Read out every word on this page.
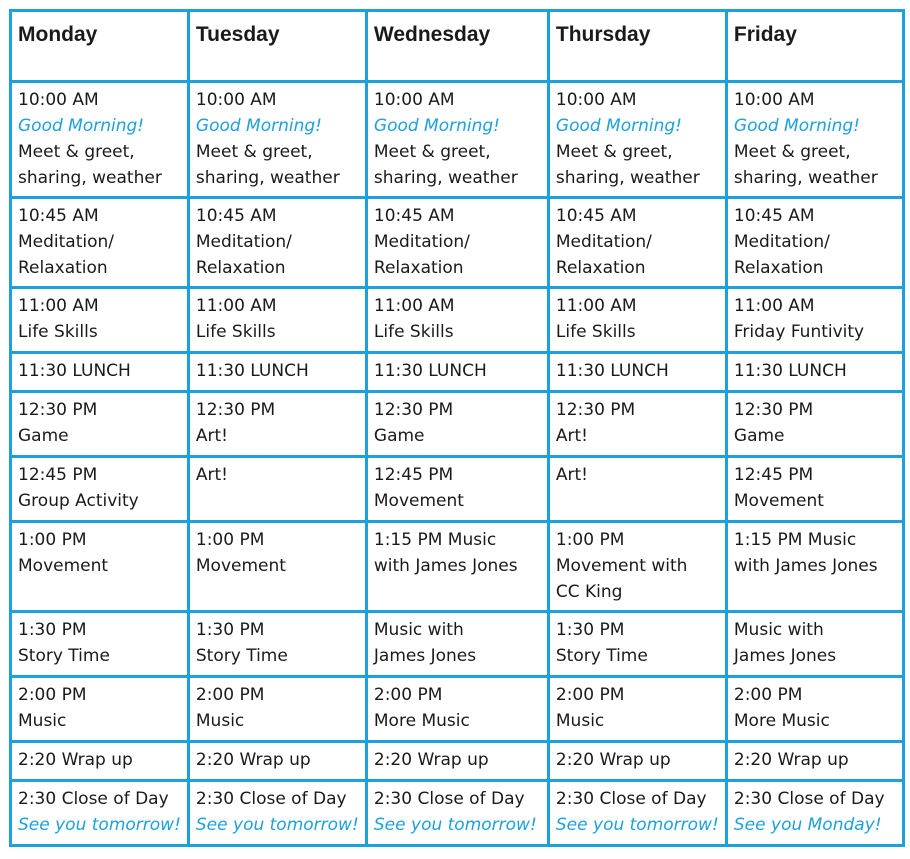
Monday	Tuesday	Wednesday	Thursday	Friday

10:00 AM
Good Morning!
Meet & greet,
sharing, weather	10:00 AM
Good Morning!
Meet & greet,
sharing, weather	10:00 AM
Good Morning!
Meet & greet,
sharing, weather	10:00 AM
Good Morning!
Meet & greet,
sharing, weather	10:00 AM
Good Morning!
Meet & greet,
sharing, weather

10:45 AM
Meditation/
Relaxation	10:45 AM
Meditation/
Relaxation	10:45 AM
Meditation/
Relaxation	10:45 AM
Meditation/
Relaxation	10:45 AM
Meditation/
Relaxation

11:00 AM
Life Skills	11:00 AM
Life Skills	11:00 AM
Life Skills	11:00 AM
Life Skills	11:00 AM
Friday Funtivity

11:30 LUNCH	11:30 LUNCH	11:30 LUNCH	11:30 LUNCH	11:30 LUNCH

12:30 PM
Game	12:30 PM
Art!	12:30 PM
Game	12:30 PM
Art!	12:30 PM
Game

12:45 PM
Group Activity	Art!	12:45 PM
Movement	Art!	12:45 PM
Movement

1:00 PM
Movement	1:00 PM
Movement	1:15 PM Music
with James Jones	1:00 PM
Movement with
CC King	1:15 PM Music
with James Jones

1:30 PM
Story Time	1:30 PM
Story Time	Music with
James Jones	1:30 PM
Story Time	Music with
James Jones

2:00 PM
Music	2:00 PM
Music	2:00 PM
More Music	2:00 PM
Music	2:00 PM
More Music

2:20 Wrap up	2:20 Wrap up	2:20 Wrap up	2:20 Wrap up	2:20 Wrap up

2:30 Close of Day
See you tomorrow!	2:30 Close of Day
See you tomorrow!	2:30 Close of Day
See you tomorrow!	2:30 Close of Day
See you tomorrow!	2:30 Close of Day
See you Monday!
